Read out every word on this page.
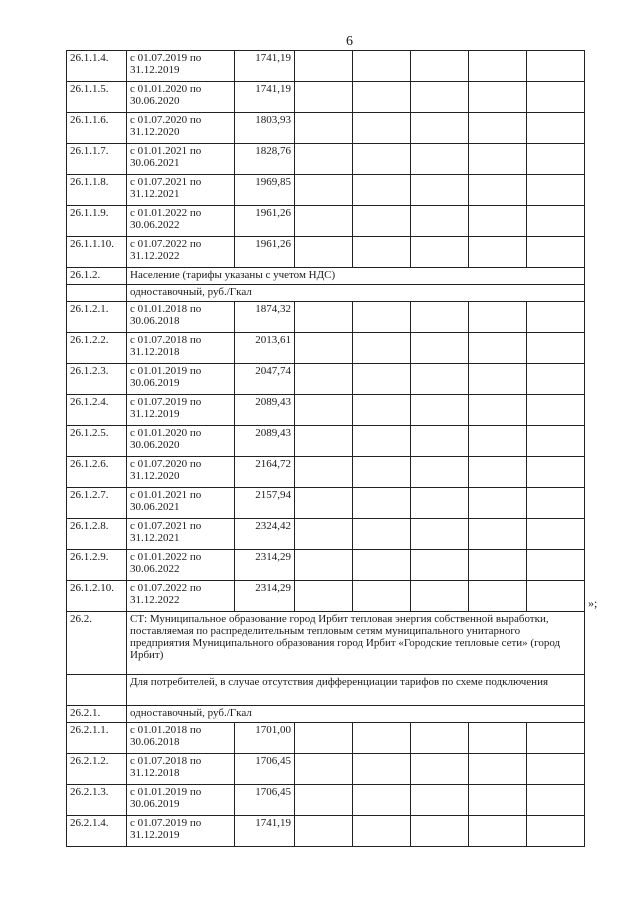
6
»;
26.1.1.4.	с 01.07.2019 по 31.12.2019	1741,19					
26.1.1.5.	с 01.01.2020 по 30.06.2020	1741,19					
26.1.1.6.	с 01.07.2020 по 31.12.2020	1803,93					
26.1.1.7.	с 01.01.2021 по 30.06.2021	1828,76					
26.1.1.8.	с 01.07.2021 по 31.12.2021	1969,85					
26.1.1.9.	с 01.01.2022 по 30.06.2022	1961,26					
26.1.1.10.	с 01.07.2022 по 31.12.2022	1961,26					
26.1.2.	Население (тарифы указаны с учетом НДС)						
	одноставочный, руб./Гкал						
26.1.2.1.	с 01.01.2018 по 30.06.2018	1874,32					
26.1.2.2.	с 01.07.2018 по 31.12.2018	2013,61					
26.1.2.3.	с 01.01.2019 по 30.06.2019	2047,74					
26.1.2.4.	с 01.07.2019 по 31.12.2019	2089,43					
26.1.2.5.	с 01.01.2020 по 30.06.2020	2089,43					
26.1.2.6.	с 01.07.2020 по 31.12.2020	2164,72					
26.1.2.7.	с 01.01.2021 по 30.06.2021	2157,94					
26.1.2.8.	с 01.07.2021 по 31.12.2021	2324,42					
26.1.2.9.	с 01.01.2022 по 30.06.2022	2314,29					
26.1.2.10.	с 01.07.2022 по 31.12.2022	2314,29					
26.2.	СТ: Муниципальное образование город Ирбит тепловая энергия собственной выработки, поставляемая по распределительным тепловым сетям муниципального унитарного предприятия Муниципального образования город Ирбит «Городские тепловые сети» (город Ирбит)						
	Для потребителей, в случае отсутствия дифференциации тарифов по схеме подключения						
26.2.1.	одноставочный, руб./Гкал						
26.2.1.1.	с 01.01.2018 по 30.06.2018	1701,00					
26.2.1.2.	с 01.07.2018 по 31.12.2018	1706,45					
26.2.1.3.	с 01.01.2019 по 30.06.2019	1706,45					
26.2.1.4.	с 01.07.2019 по 31.12.2019	1741,19					
